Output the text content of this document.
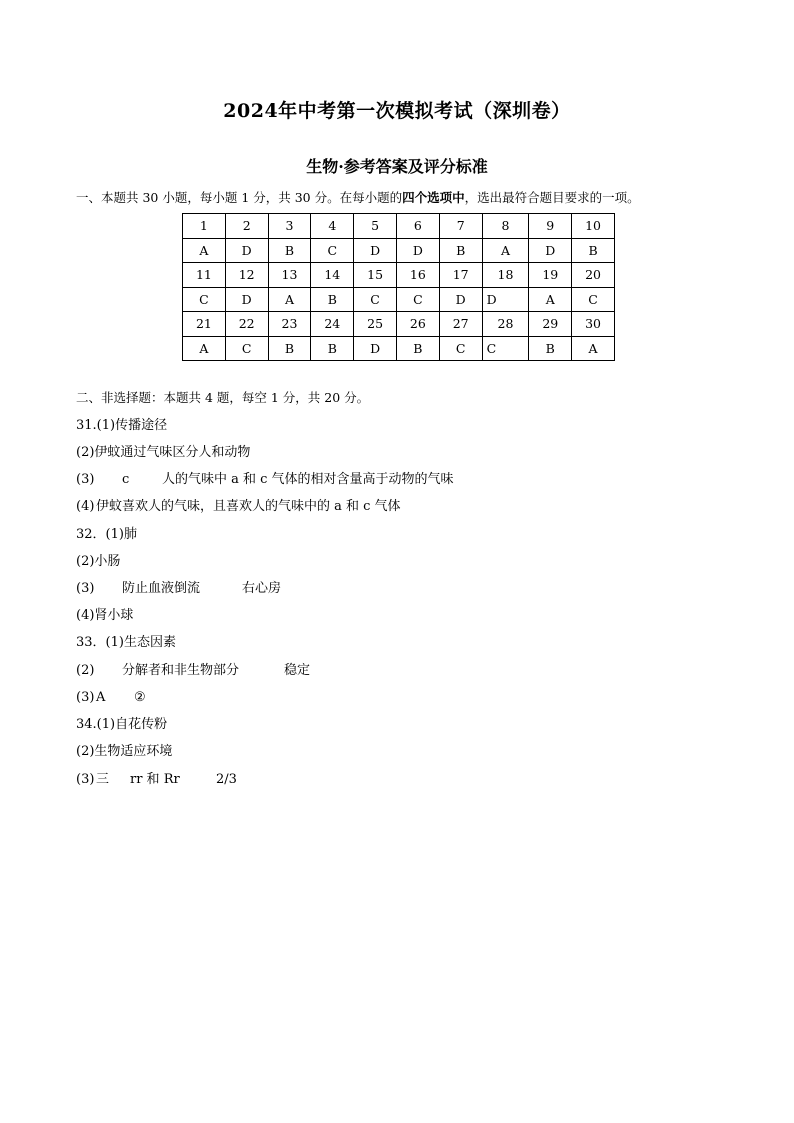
2024年中考第一次模拟考试（深圳卷）
生物·参考答案及评分标准
一、本题共 30 小题，每小题 1 分，共 30 分。在每小题的四个选项中，选出最符合题目要求的一项。
1	2	3	4	5	6	7	8	9	10
A	D	B	C	D	D	B	A	D	B
11	12	13	14	15	16	17	18	19	20
C	D	A	B	C	C	D	D	A	C
21	22	23	24	25	26	27	28	29	30
A	C	B	B	D	B	C	C	B	A
二、非选择题：本题共 4 题，每空 1 分，共 20 分。
31.(1)传播途径
(2)伊蚊通过气味区分人和动物
(3) c	人的气味中 a 和 c 气体的相对含量高于动物的气味
(4) 伊蚊喜欢人的气味，且喜欢人的气味中的 a 和 c 气体
32．(1)肺
(2)小肠
(3) 防止血液倒流	右心房
(4)肾小球
33．(1)生态因素
(2) 分解者和非生物部分	稳定
(3) A ②
34.(1)自花传粉
(2)生物适应环境
(3) 三 rr 和 Rr	2/3
